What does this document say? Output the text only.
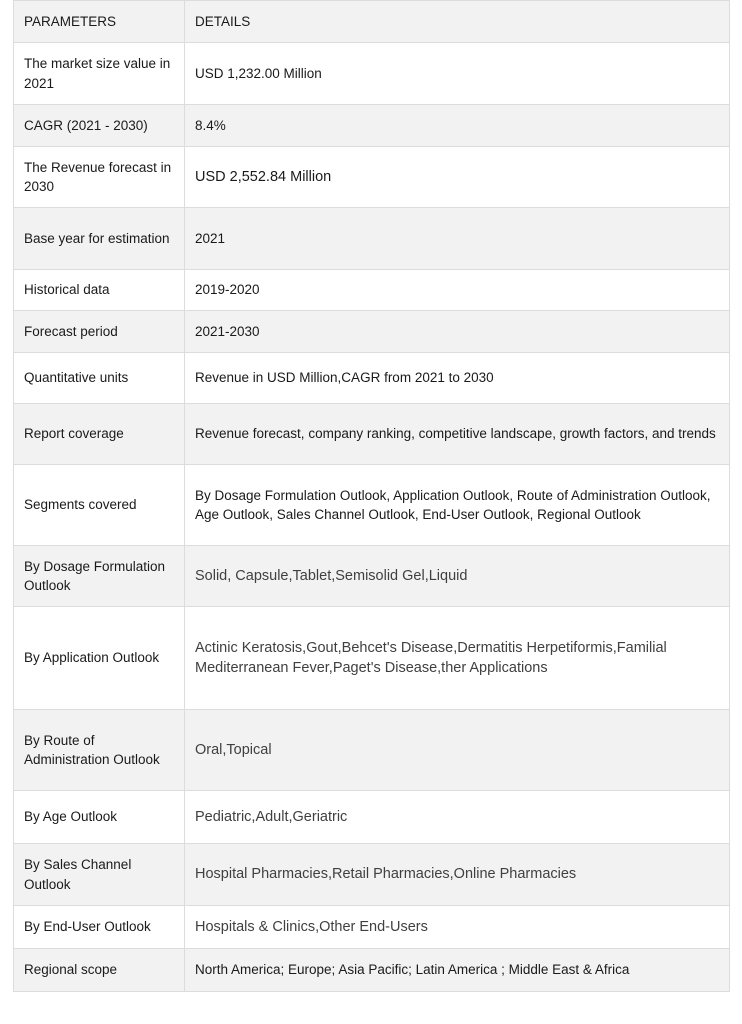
PARAMETERS	DETAILS
The market size value in 2021	USD 1,232.00 Million
CAGR (2021 - 2030)	8.4%
The Revenue forecast in 2030	USD 2,552.84 Million
Base year for estimation	2021
Historical data	2019-2020
Forecast period	2021-2030
Quantitative units	Revenue in USD Million,CAGR from 2021 to 2030
Report coverage	Revenue forecast, company ranking, competitive landscape, growth factors, and trends
Segments covered	By Dosage Formulation Outlook, Application Outlook, Route of Administration Outlook, Age Outlook, Sales Channel Outlook, End-User Outlook, Regional Outlook
By Dosage Formulation Outlook	Solid, Capsule,Tablet,Semisolid Gel,Liquid
By Application Outlook	Actinic Keratosis,Gout,Behcet's Disease,Dermatitis Herpetiformis,Familial Mediterranean Fever,Paget's Disease,ther Applications
By Route of Administration Outlook	Oral,Topical
By Age Outlook	Pediatric,Adult,Geriatric
By Sales Channel Outlook	Hospital Pharmacies,Retail Pharmacies,Online Pharmacies
By End-User Outlook	Hospitals & Clinics,Other End-Users
Regional scope	North America; Europe; Asia Pacific; Latin America ; Middle East & Africa
